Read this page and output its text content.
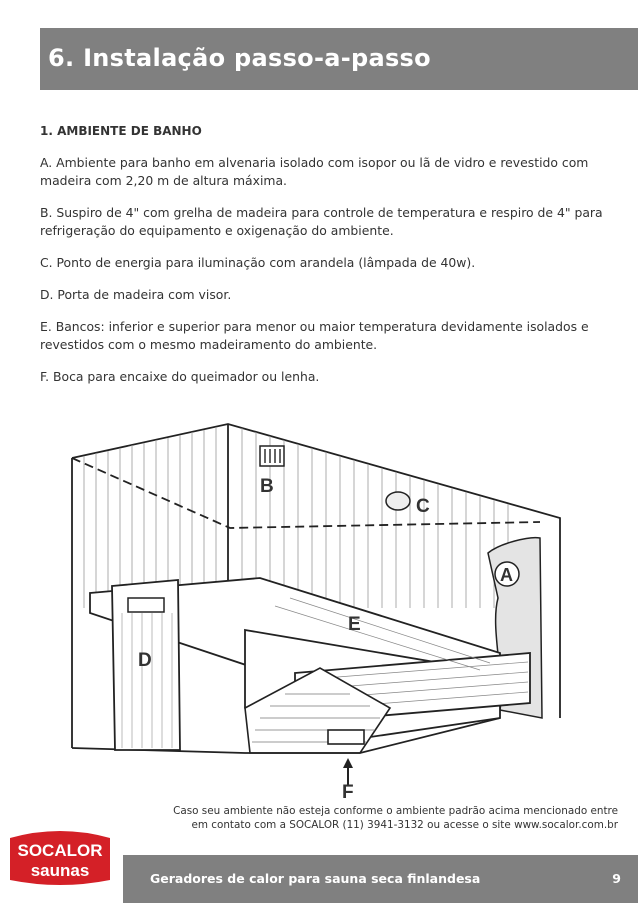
6. Instalação passo-a-passo
1. AMBIENTE DE BANHO

A. Ambiente para banho em alvenaria isolado com isopor ou lã de vidro e revestido com madeira com 2,20 m de altura máxima.

B. Suspiro de 4" com grelha de madeira para controle de temperatura e respiro de 4" para refrigeração do equipamento e oxigenação do ambiente.

C. Ponto de energia para iluminação com arandela (lâmpada de 40w).

D. Porta de madeira com visor.

E. Bancos: inferior e superior para menor ou maior temperatura devidamente isolados e revestidos com o mesmo madeiramento do ambiente.

F. Boca para encaixe do queimador ou lenha.

B
C
E
D
F
A
Caso seu ambiente não esteja conforme o ambiente padrão acima mencionado entre
em contato com a SOCALOR (11) 3941-3132 ou acesse o site www.socalor.com.br
Geradores de calor para sauna seca finlandesa	9
SOCALOR
saunas
